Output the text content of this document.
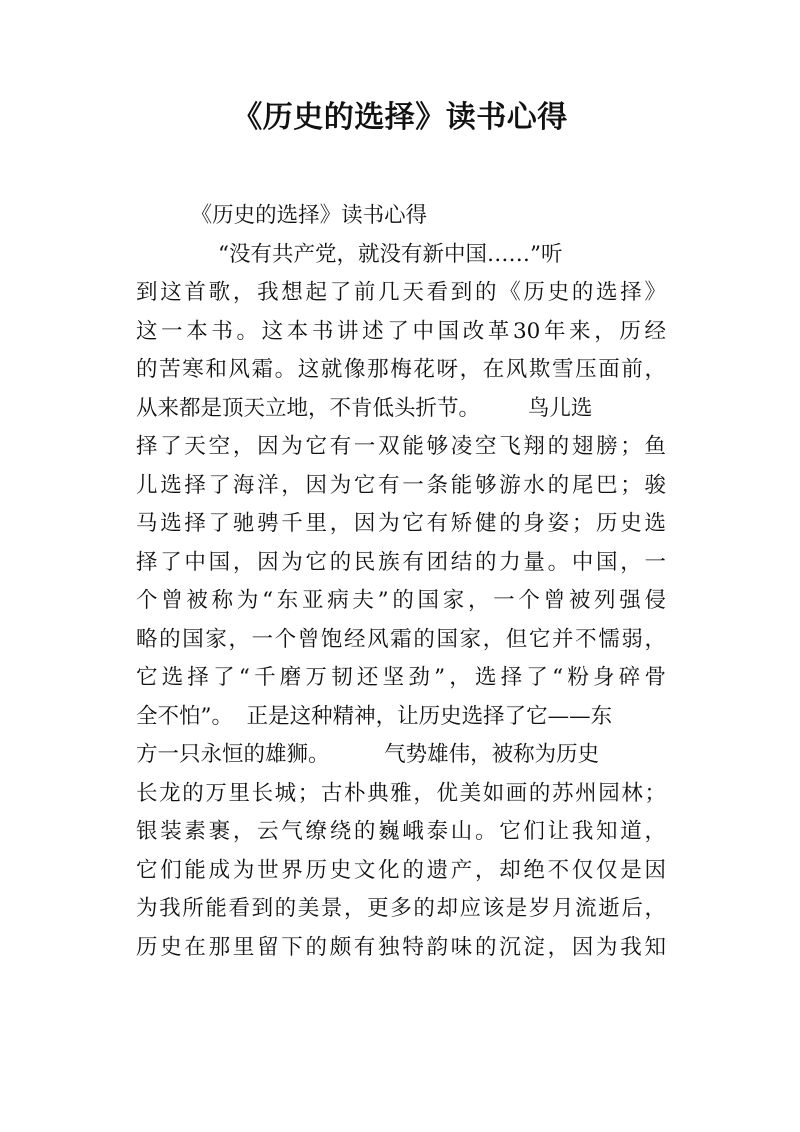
《历史的选择》读书心得
《历史的选择》读书心得
“没有共产党，就没有新中国……”听
到这首歌，我想起了前几天看到的《历史的选择》
这一本书。这本书讲述了中国改革30年来，历经
的苦寒和风霜。这就像那梅花呀，在风欺雪压面前，
从来都是顶天立地，不肯低头折节。       鸟儿选
择了天空，因为它有一双能够凌空飞翔的翅膀；鱼
儿选择了海洋，因为它有一条能够游水的尾巴；骏
马选择了驰骋千里，因为它有矫健的身姿；历史选
择了中国，因为它的民族有团结的力量。中国，一
个曾被称为“东亚病夫”的国家，一个曾被列强侵
略的国家，一个曾饱经风霜的国家，但它并不懦弱，
它选择了“千磨万韧还坚劲”，选择了“粉身碎骨
全不怕”。  正是这种精神，让历史选择了它——东
方一只永恒的雄狮。        气势雄伟，被称为历史
长龙的万里长城；古朴典雅，优美如画的苏州园林；
银装素裹，云气缭绕的巍峨泰山。它们让我知道，
它们能成为世界历史文化的遗产，却绝不仅仅是因
为我所能看到的美景，更多的却应该是岁月流逝后，
历史在那里留下的颇有独特韵味的沉淀，因为我知
